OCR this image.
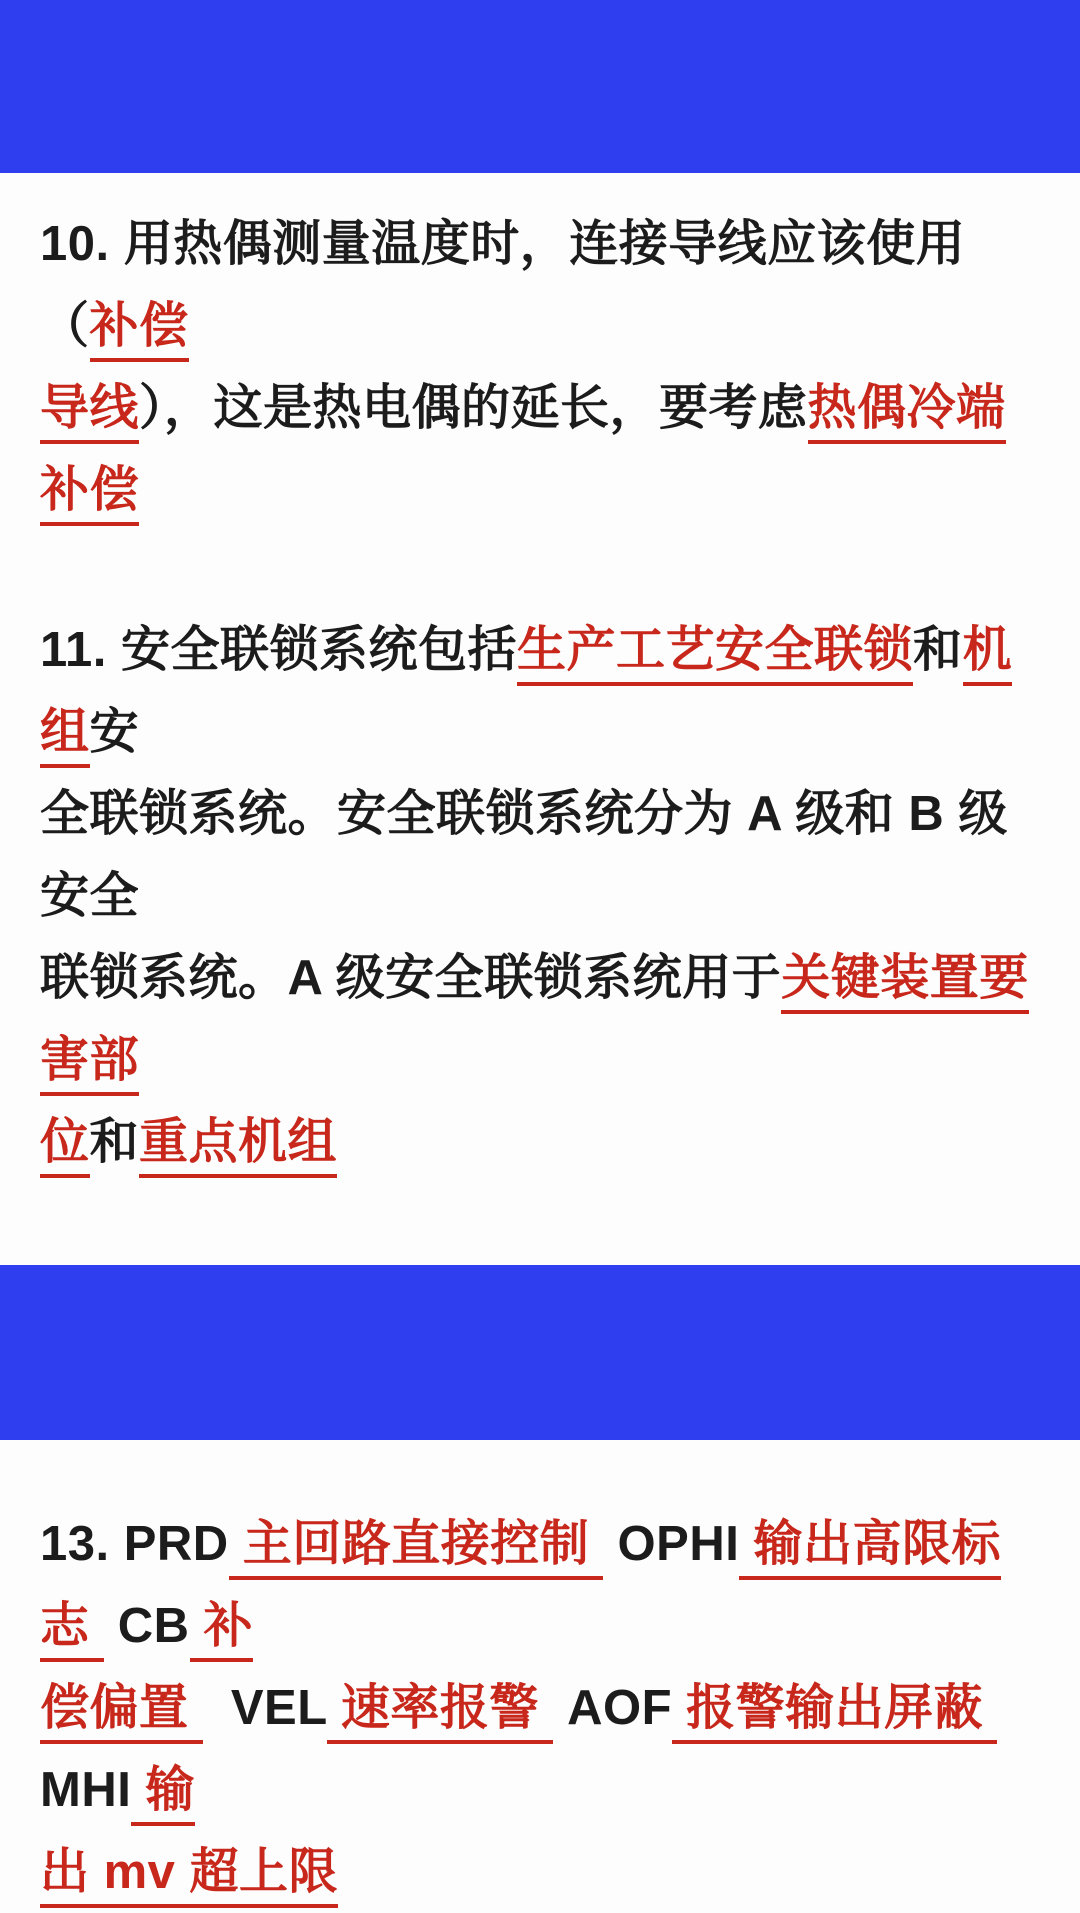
10. 用热偶测量温度时，连接导线应该使用（补偿
导线），这是热电偶的延长，要考虑热偶冷端补偿
11. 安全联锁系统包括生产工艺安全联锁和机组安
全联锁系统。安全联锁系统分为 A 级和 B 级安全
联锁系统。A 级安全联锁系统用于关键装置要害部
位和重点机组
13. PRD 主回路直接控制  OPHI 输出高限标志  CB 补
偿偏置   VEL 速率报警  AOF 报警输出屏蔽  MHI 输
出 mv 超上限
